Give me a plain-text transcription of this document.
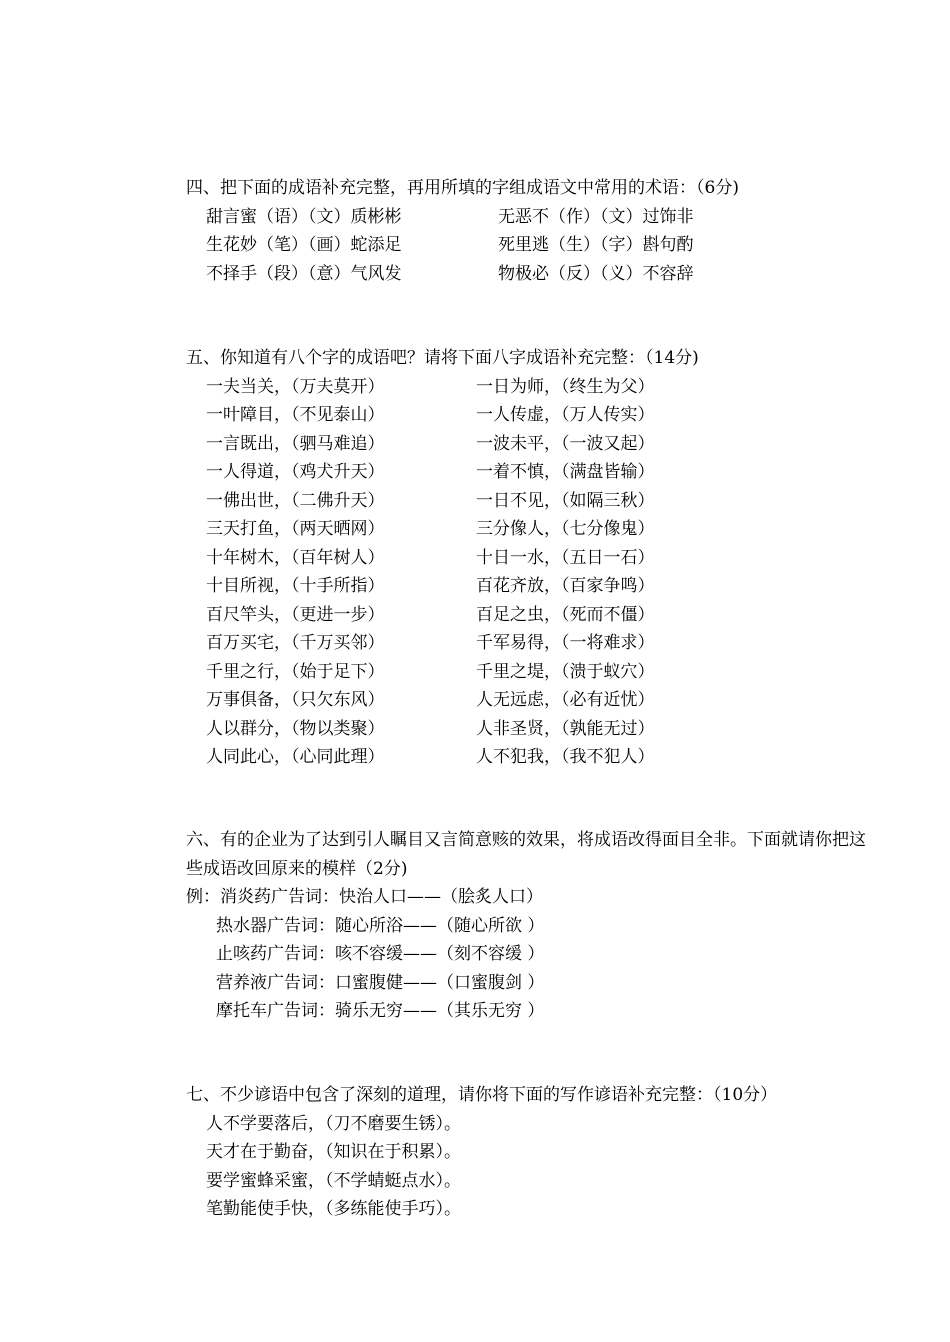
四、把下面的成语补充完整，再用所填的字组成语文中常用的术语：（6分)
甜言蜜（语）（文）质彬彬	无恶不（作）（文）过饰非
生花妙（笔）（画）蛇添足	死里逃（生）（字）斟句酌
不择手（段）（意）气风发	物极必（反）（义）不容辞
五、你知道有八个字的成语吧？请将下面八字成语补充完整：（14分)
一夫当关，（万夫莫开）	一日为师，（终生为父）
一叶障目，（不见泰山）	一人传虚，（万人传实）
一言既出，（驷马难追）	一波未平，（一波又起）
一人得道，（鸡犬升天）	一着不慎，（满盘皆输）
一佛出世，（二佛升天）	一日不见，（如隔三秋）
三天打鱼，（两天晒网）	三分像人，（七分像鬼）
十年树木，（百年树人）	十日一水，（五日一石）
十目所视，（十手所指）	百花齐放，（百家争鸣）
百尺竿头，（更进一步）	百足之虫，（死而不僵）
百万买宅，（千万买邻）	千军易得，（一将难求）
千里之行，（始于足下）	千里之堤，（溃于蚁穴）
万事俱备，（只欠东风）	人无远虑，（必有近忧）
人以群分，（物以类聚）	人非圣贤，（孰能无过）
人同此心，（心同此理）	人不犯我，（我不犯人）
六、有的企业为了达到引人瞩目又言简意赅的效果，将成语改得面目全非。下面就请你把这些成语改回原来的模样（2分)
例：消炎药广告词：快治人口——（脍炙人口）
热水器广告词：随心所浴——（随心所欲 ）
止咳药广告词：咳不容缓——（刻不容缓 ）
营养液广告词：口蜜腹健——（口蜜腹剑 ）
摩托车广告词：骑乐无穷——（其乐无穷 ）
七、不少谚语中包含了深刻的道理，请你将下面的写作谚语补充完整：（10分）
人不学要落后，（刀不磨要生锈）。
天才在于勤奋，（知识在于积累）。
要学蜜蜂采蜜，（不学蜻蜓点水）。
笔勤能使手快，（多练能使手巧）。
